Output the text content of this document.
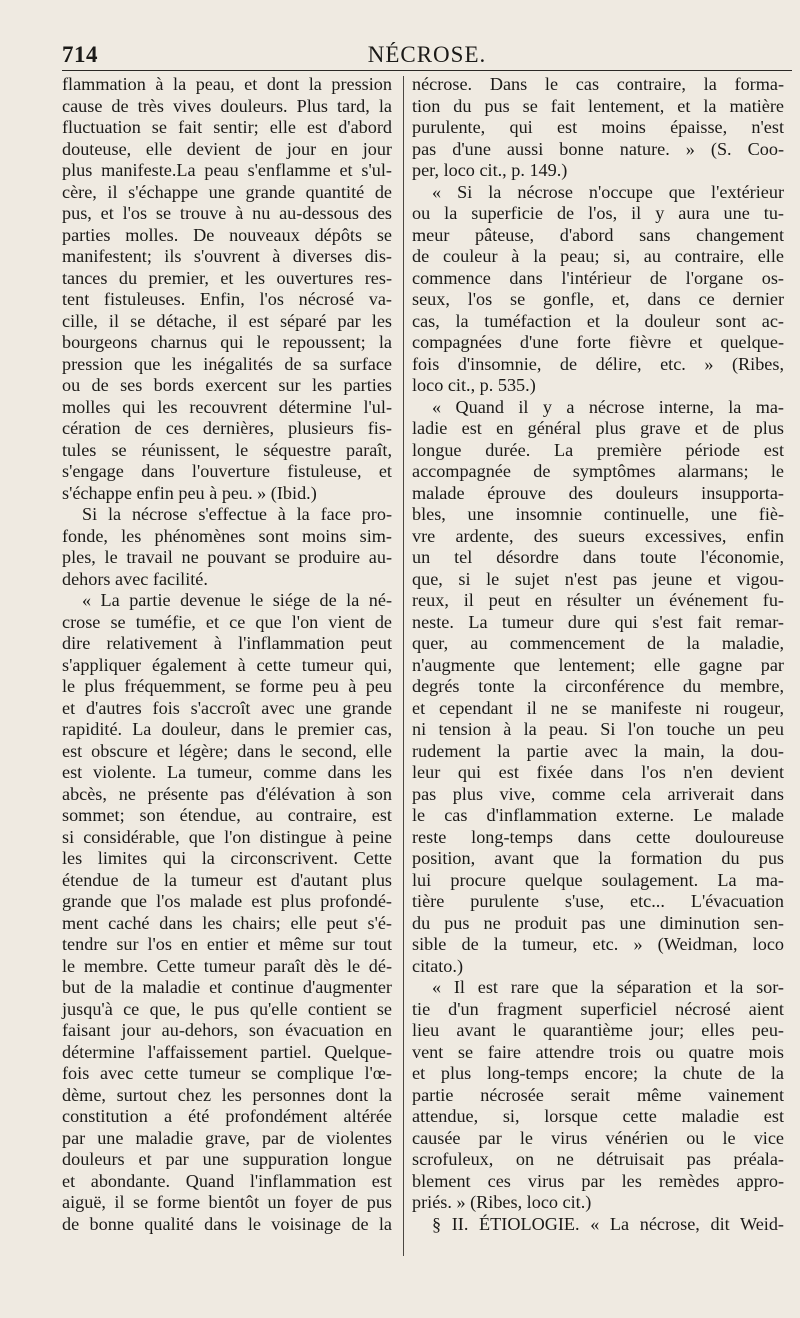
714	NÉCROSE.
flammation à la peau, et dont la pression
cause de très vives douleurs. Plus tard, la
fluctuation se fait sentir; elle est d'abord
douteuse, elle devient de jour en jour
plus manifeste.La peau s'enflamme et s'ul-
cère, il s'échappe une grande quantité de
pus, et l'os se trouve à nu au-dessous des
parties molles. De nouveaux dépôts se
manifestent; ils s'ouvrent à diverses dis-
tances du premier, et les ouvertures res-
tent fistuleuses. Enfin, l'os nécrosé va-
cille, il se détache, il est séparé par les
bourgeons charnus qui le repoussent; la
pression que les inégalités de sa surface
ou de ses bords exercent sur les parties
molles qui les recouvrent détermine l'ul-
cération de ces dernières, plusieurs fis-
tules se réunissent, le séquestre paraît,
s'engage dans l'ouverture fistuleuse, et
s'échappe enfin peu à peu. » (Ibid.)
Si la nécrose s'effectue à la face pro-
fonde, les phénomènes sont moins sim-
ples, le travail ne pouvant se produire au-
dehors avec facilité.
« La partie devenue le siége de la né-
crose se tuméfie, et ce que l'on vient de
dire relativement à l'inflammation peut
s'appliquer également à cette tumeur qui,
le plus fréquemment, se forme peu à peu
et d'autres fois s'accroît avec une grande
rapidité. La douleur, dans le premier cas,
est obscure et légère; dans le second, elle
est violente. La tumeur, comme dans les
abcès, ne présente pas d'élévation à son
sommet; son étendue, au contraire, est
si considérable, que l'on distingue à peine
les limites qui la circonscrivent. Cette
étendue de la tumeur est d'autant plus
grande que l'os malade est plus profondé-
ment caché dans les chairs; elle peut s'é-
tendre sur l'os en entier et même sur tout
le membre. Cette tumeur paraît dès le dé-
but de la maladie et continue d'augmenter
jusqu'à ce que, le pus qu'elle contient se
faisant jour au-dehors, son évacuation en
détermine l'affaissement partiel. Quelque-
fois avec cette tumeur se complique l'œ-
dème, surtout chez les personnes dont la
constitution a été profondément altérée
par une maladie grave, par de violentes
douleurs et par une suppuration longue
et abondante. Quand l'inflammation est
aiguë, il se forme bientôt un foyer de pus
de bonne qualité dans le voisinage de la
nécrose. Dans le cas contraire, la forma-
tion du pus se fait lentement, et la matière
purulente, qui est moins épaisse, n'est
pas d'une aussi bonne nature. » (S. Coo-
per, loco cit., p. 149.)
« Si la nécrose n'occupe que l'extérieur
ou la superficie de l'os, il y aura une tu-
meur pâteuse, d'abord sans changement
de couleur à la peau; si, au contraire, elle
commence dans l'intérieur de l'organe os-
seux, l'os se gonfle, et, dans ce dernier
cas, la tuméfaction et la douleur sont ac-
compagnées d'une forte fièvre et quelque-
fois d'insomnie, de délire, etc. » (Ribes,
loco cit., p. 535.)
« Quand il y a nécrose interne, la ma-
ladie est en général plus grave et de plus
longue durée. La première période est
accompagnée de symptômes alarmans; le
malade éprouve des douleurs insupporta-
bles, une insomnie continuelle, une fiè-
vre ardente, des sueurs excessives, enfin
un tel désordre dans toute l'économie,
que, si le sujet n'est pas jeune et vigou-
reux, il peut en résulter un événement fu-
neste. La tumeur dure qui s'est fait remar-
quer, au commencement de la maladie,
n'augmente que lentement; elle gagne par
degrés tonte la circonférence du membre,
et cependant il ne se manifeste ni rougeur,
ni tension à la peau. Si l'on touche un peu
rudement la partie avec la main, la dou-
leur qui est fixée dans l'os n'en devient
pas plus vive, comme cela arriverait dans
le cas d'inflammation externe. Le malade
reste long-temps dans cette douloureuse
position, avant que la formation du pus
lui procure quelque soulagement. La ma-
tière purulente s'use, etc... L'évacuation
du pus ne produit pas une diminution sen-
sible de la tumeur, etc. » (Weidman, loco
citato.)
« Il est rare que la séparation et la sor-
tie d'un fragment superficiel nécrosé aient
lieu avant le quarantième jour; elles peu-
vent se faire attendre trois ou quatre mois
et plus long-temps encore; la chute de la
partie nécrosée serait même vainement
attendue, si, lorsque cette maladie est
causée par le virus vénérien ou le vice
scrofuleux, on ne détruisait pas préala-
blement ces virus par les remèdes appro-
priés. » (Ribes, loco cit.)
§ II. ÉTIOLOGIE. « La nécrose, dit Weid-
